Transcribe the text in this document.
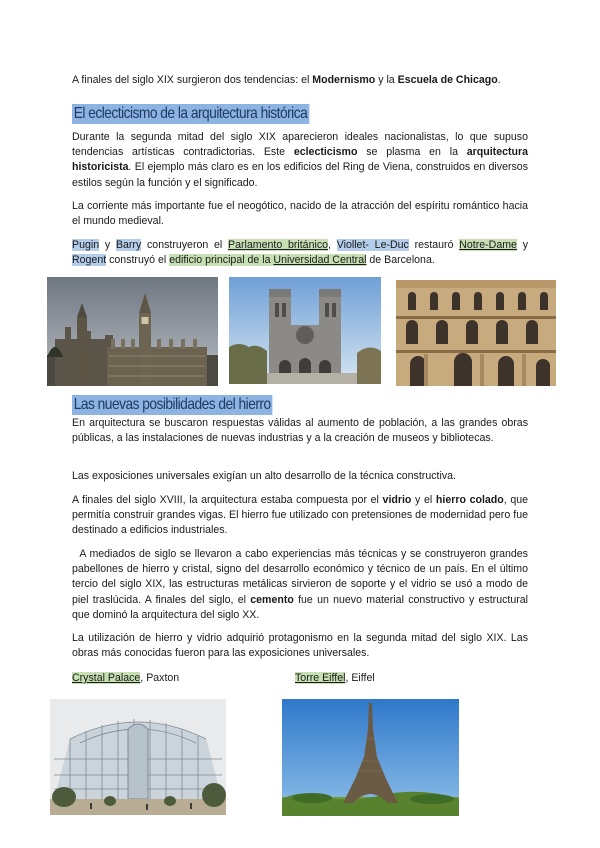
A finales del siglo XIX surgieron dos tendencias: el Modernismo y la Escuela de Chicago.

El eclecticismo de la arquitectura histórica

Durante la segunda mitad del siglo XIX aparecieron ideales nacionalistas, lo que supuso tendencias artísticas contradictorias. Este eclecticismo se plasma en la arquitectura historicista. El ejemplo más claro es en los edificios del Ring de Viena, construidos en diversos estilos según la función y el significado.

La corriente más importante fue el neogótico, nacido de la atracción del espíritu romántico hacia el mundo medieval.

Pugin y Barry construyeron el Parlamento británico, Viollet- Le-Duc restauró Notre-Dame y Rogent construyó el edificio principal de la Universidad Central de Barcelona.

Las nuevas posibilidades del hierro

En arquitectura se buscaron respuestas válidas al aumento de población, a las grandes obras públicas, a las instalaciones de nuevas industrias y a la creación de museos y bibliotecas.

Las exposiciones universales exigían un alto desarrollo de la técnica constructiva.

A finales del siglo XVIII, la arquitectura estaba compuesta por el vidrio y el hierro colado, que permitía construir grandes vigas. El hierro fue utilizado con pretensiones de modernidad pero fue destinado a edificios industriales.

A mediados de siglo se llevaron a cabo experiencias más técnicas y se construyeron grandes pabellones de hierro y cristal, signo del desarrollo económico y técnico de un país. En el último tercio del siglo XIX, las estructuras metálicas sirvieron de soporte y el vidrio se usó a modo de piel traslúcida. A finales del siglo, el cemento fue un nuevo material constructivo y estructural que dominó la arquitectura del siglo XX.

La utilización de hierro y vidrio adquirió protagonismo en la segunda mitad del siglo XIX. Las obras más conocidas fueron para las exposiciones universales.

Crystal Palace, Paxton	Torre Eiffel, Eiffel
